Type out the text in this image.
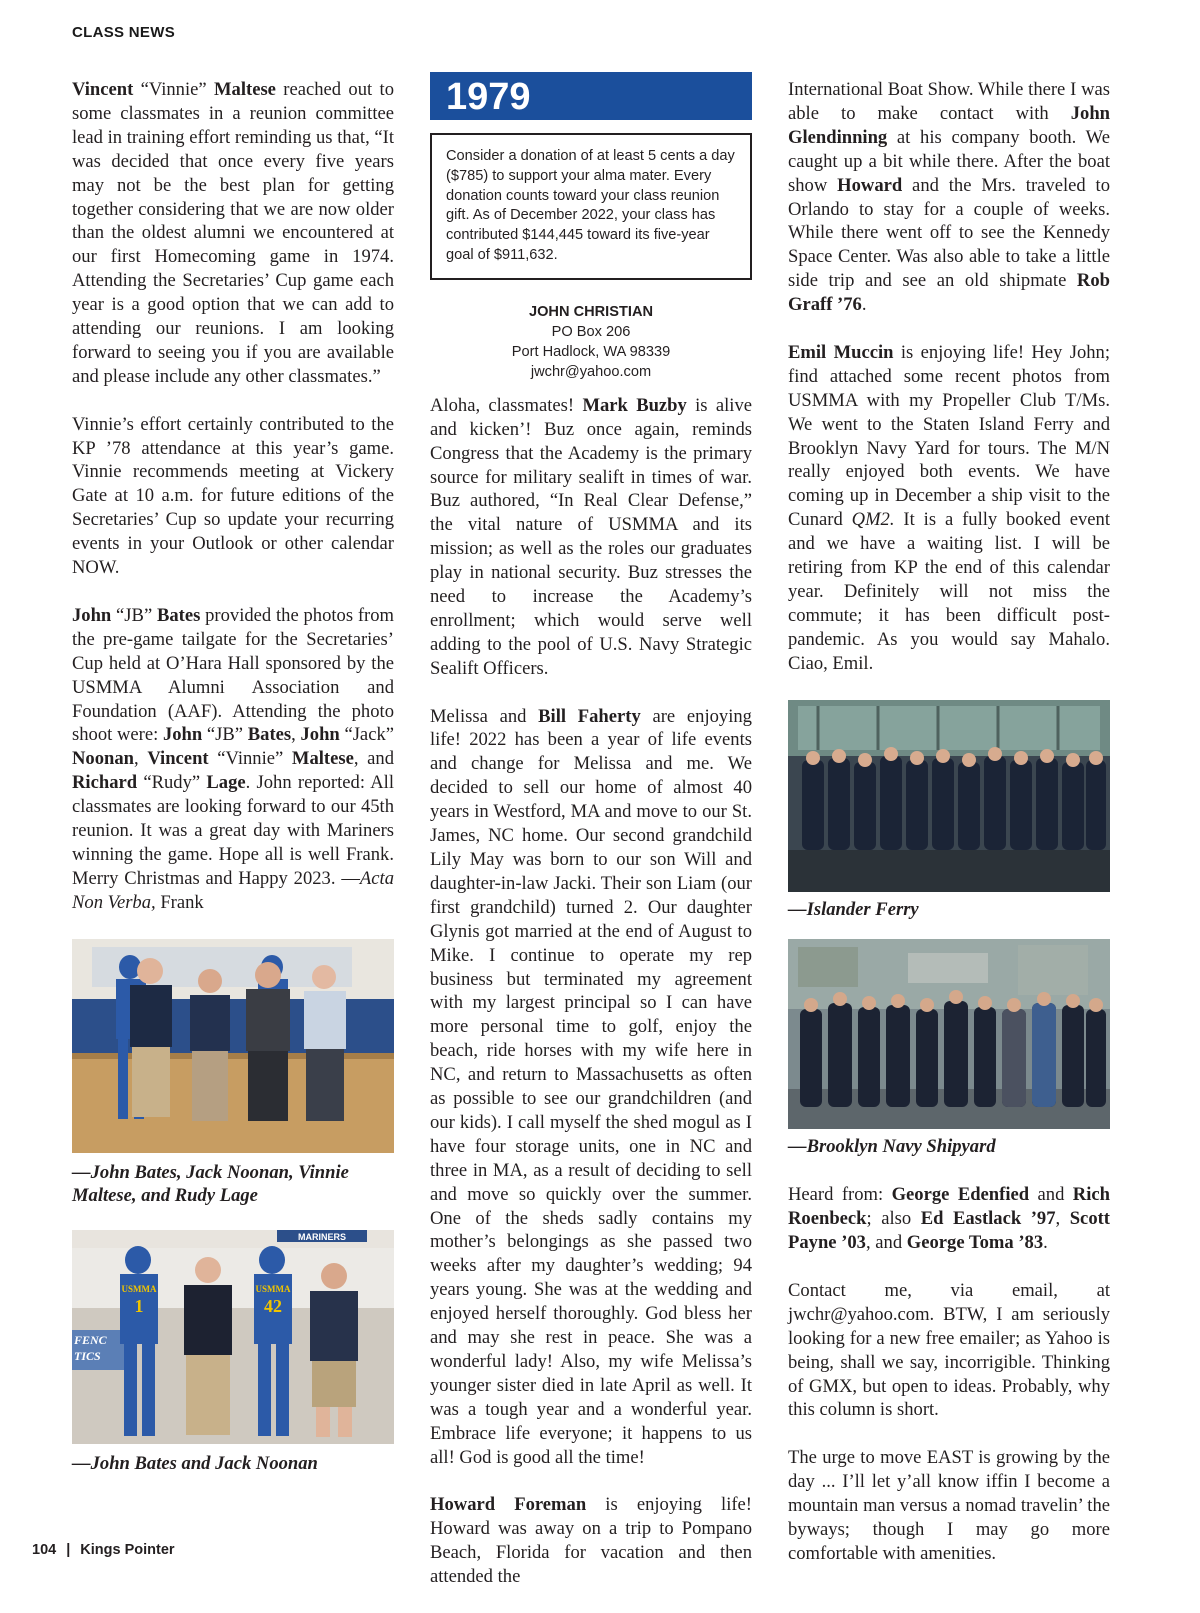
CLASS NEWS

Vincent “Vinnie” Maltese reached out to some classmates in a reunion committee lead in training effort reminding us that, “It was decided that once every five years may not be the best plan for getting together considering that we are now older than the oldest alumni we encountered at our first Homecoming game in 1974. Attending the Secretaries’ Cup game each year is a good option that we can add to attending our reunions. I am looking forward to seeing you if you are available and please include any other classmates.”

Vinnie’s effort certainly contributed to the KP ’78 attendance at this year’s game. Vinnie recommends meeting at Vickery Gate at 10 a.m. for future editions of the Secretaries’ Cup so update your recurring events in your Outlook or other calendar NOW.

John “JB” Bates provided the photos from the pre-game tailgate for the Secretaries’ Cup held at O’Hara Hall sponsored by the USMMA Alumni Association and Foundation (AAF). Attending the photo shoot were: John “JB” Bates, John “Jack” Noonan, Vincent “Vinnie” Maltese, and Richard “Rudy” Lage. John reported: All classmates are looking forward to our 45th reunion. It was a great day with Mariners winning the game. Hope all is well Frank. Merry Christmas and Happy 2023. —Acta Non Verba, Frank

—John Bates, Jack Noonan, Vinnie Maltese, and Rudy Lage

MARINERS
FENC
TICS
USMMA
1
USMMA
42

—John Bates and Jack Noonan

1979
Consider a donation of at least 5 cents a day ($785) to support your alma mater. Every donation counts toward your class reunion gift. As of December 2022, your class has contributed $144,445 toward its five-year goal of $911,632.
JOHN CHRISTIAN
PO Box 206
Port Hadlock, WA 98339
jwchr@yahoo.com

Aloha, classmates! Mark Buzby is alive and kicken’! Buz once again, reminds Congress that the Academy is the primary source for military sealift in times of war. Buz authored, “In Real Clear Defense,” the vital nature of USMMA and its mission; as well as the roles our graduates play in national security. Buz stresses the need to increase the Academy’s enrollment; which would serve well adding to the pool of U.S. Navy Strategic Sealift Officers.

Melissa and Bill Faherty are enjoying life! 2022 has been a year of life events and change for Melissa and me. We decided to sell our home of almost 40 years in Westford, MA and move to our St. James, NC home. Our second grandchild Lily May was born to our son Will and daughter-in-law Jacki. Their son Liam (our first grandchild) turned 2. Our daughter Glynis got married at the end of August to Mike. I continue to operate my rep business but terminated my agreement with my largest principal so I can have more personal time to golf, enjoy the beach, ride horses with my wife here in NC, and return to Massachusetts as often as possible to see our grandchildren (and our kids). I call myself the shed mogul as I have four storage units, one in NC and three in MA, as a result of deciding to sell and move so quickly over the summer. One of the sheds sadly contains my mother’s belongings as she passed two weeks after my daughter’s wedding; 94 years young. She was at the wedding and enjoyed herself thoroughly. God bless her and may she rest in peace. She was a wonderful lady! Also, my wife Melissa’s younger sister died in late April as well. It was a tough year and a wonderful year. Embrace life everyone; it happens to us all! God is good all the time!

Howard Foreman is enjoying life! Howard was away on a trip to Pompano Beach, Florida for vacation and then attended the

International Boat Show. While there I was able to make contact with John Glendinning at his company booth. We caught up a bit while there. After the boat show Howard and the Mrs. traveled to Orlando to stay for a couple of weeks. While there went off to see the Kennedy Space Center. Was also able to take a little side trip and see an old shipmate Rob Graff ’76.

Emil Muccin is enjoying life! Hey John; find attached some recent photos from USMMA with my Propeller Club T/Ms. We went to the Staten Island Ferry and Brooklyn Navy Yard for tours. The M/N really enjoyed both events. We have coming up in December a ship visit to the Cunard QM2. It is a fully booked event and we have a waiting list. I will be retiring from KP the end of this calendar year. Definitely will not miss the commute; it has been difficult post-pandemic. As you would say Mahalo. Ciao, Emil.

—Islander Ferry

—Brooklyn Navy Shipyard

Heard from: George Edenfied and Rich Roenbeck; also Ed Eastlack ’97, Scott Payne ’03, and George Toma ’83.

Contact me, via email, at jwchr@yahoo.com. BTW, I am seriously looking for a new free emailer; as Yahoo is being, shall we say, incorrigible. Thinking of GMX, but open to ideas. Probably, why this column is short.

The urge to move EAST is growing by the day ... I’ll let y’all know iffin I become a mountain man versus a nomad travelin’ the byways; though I may go more comfortable with amenities.

104 | Kings Pointer
